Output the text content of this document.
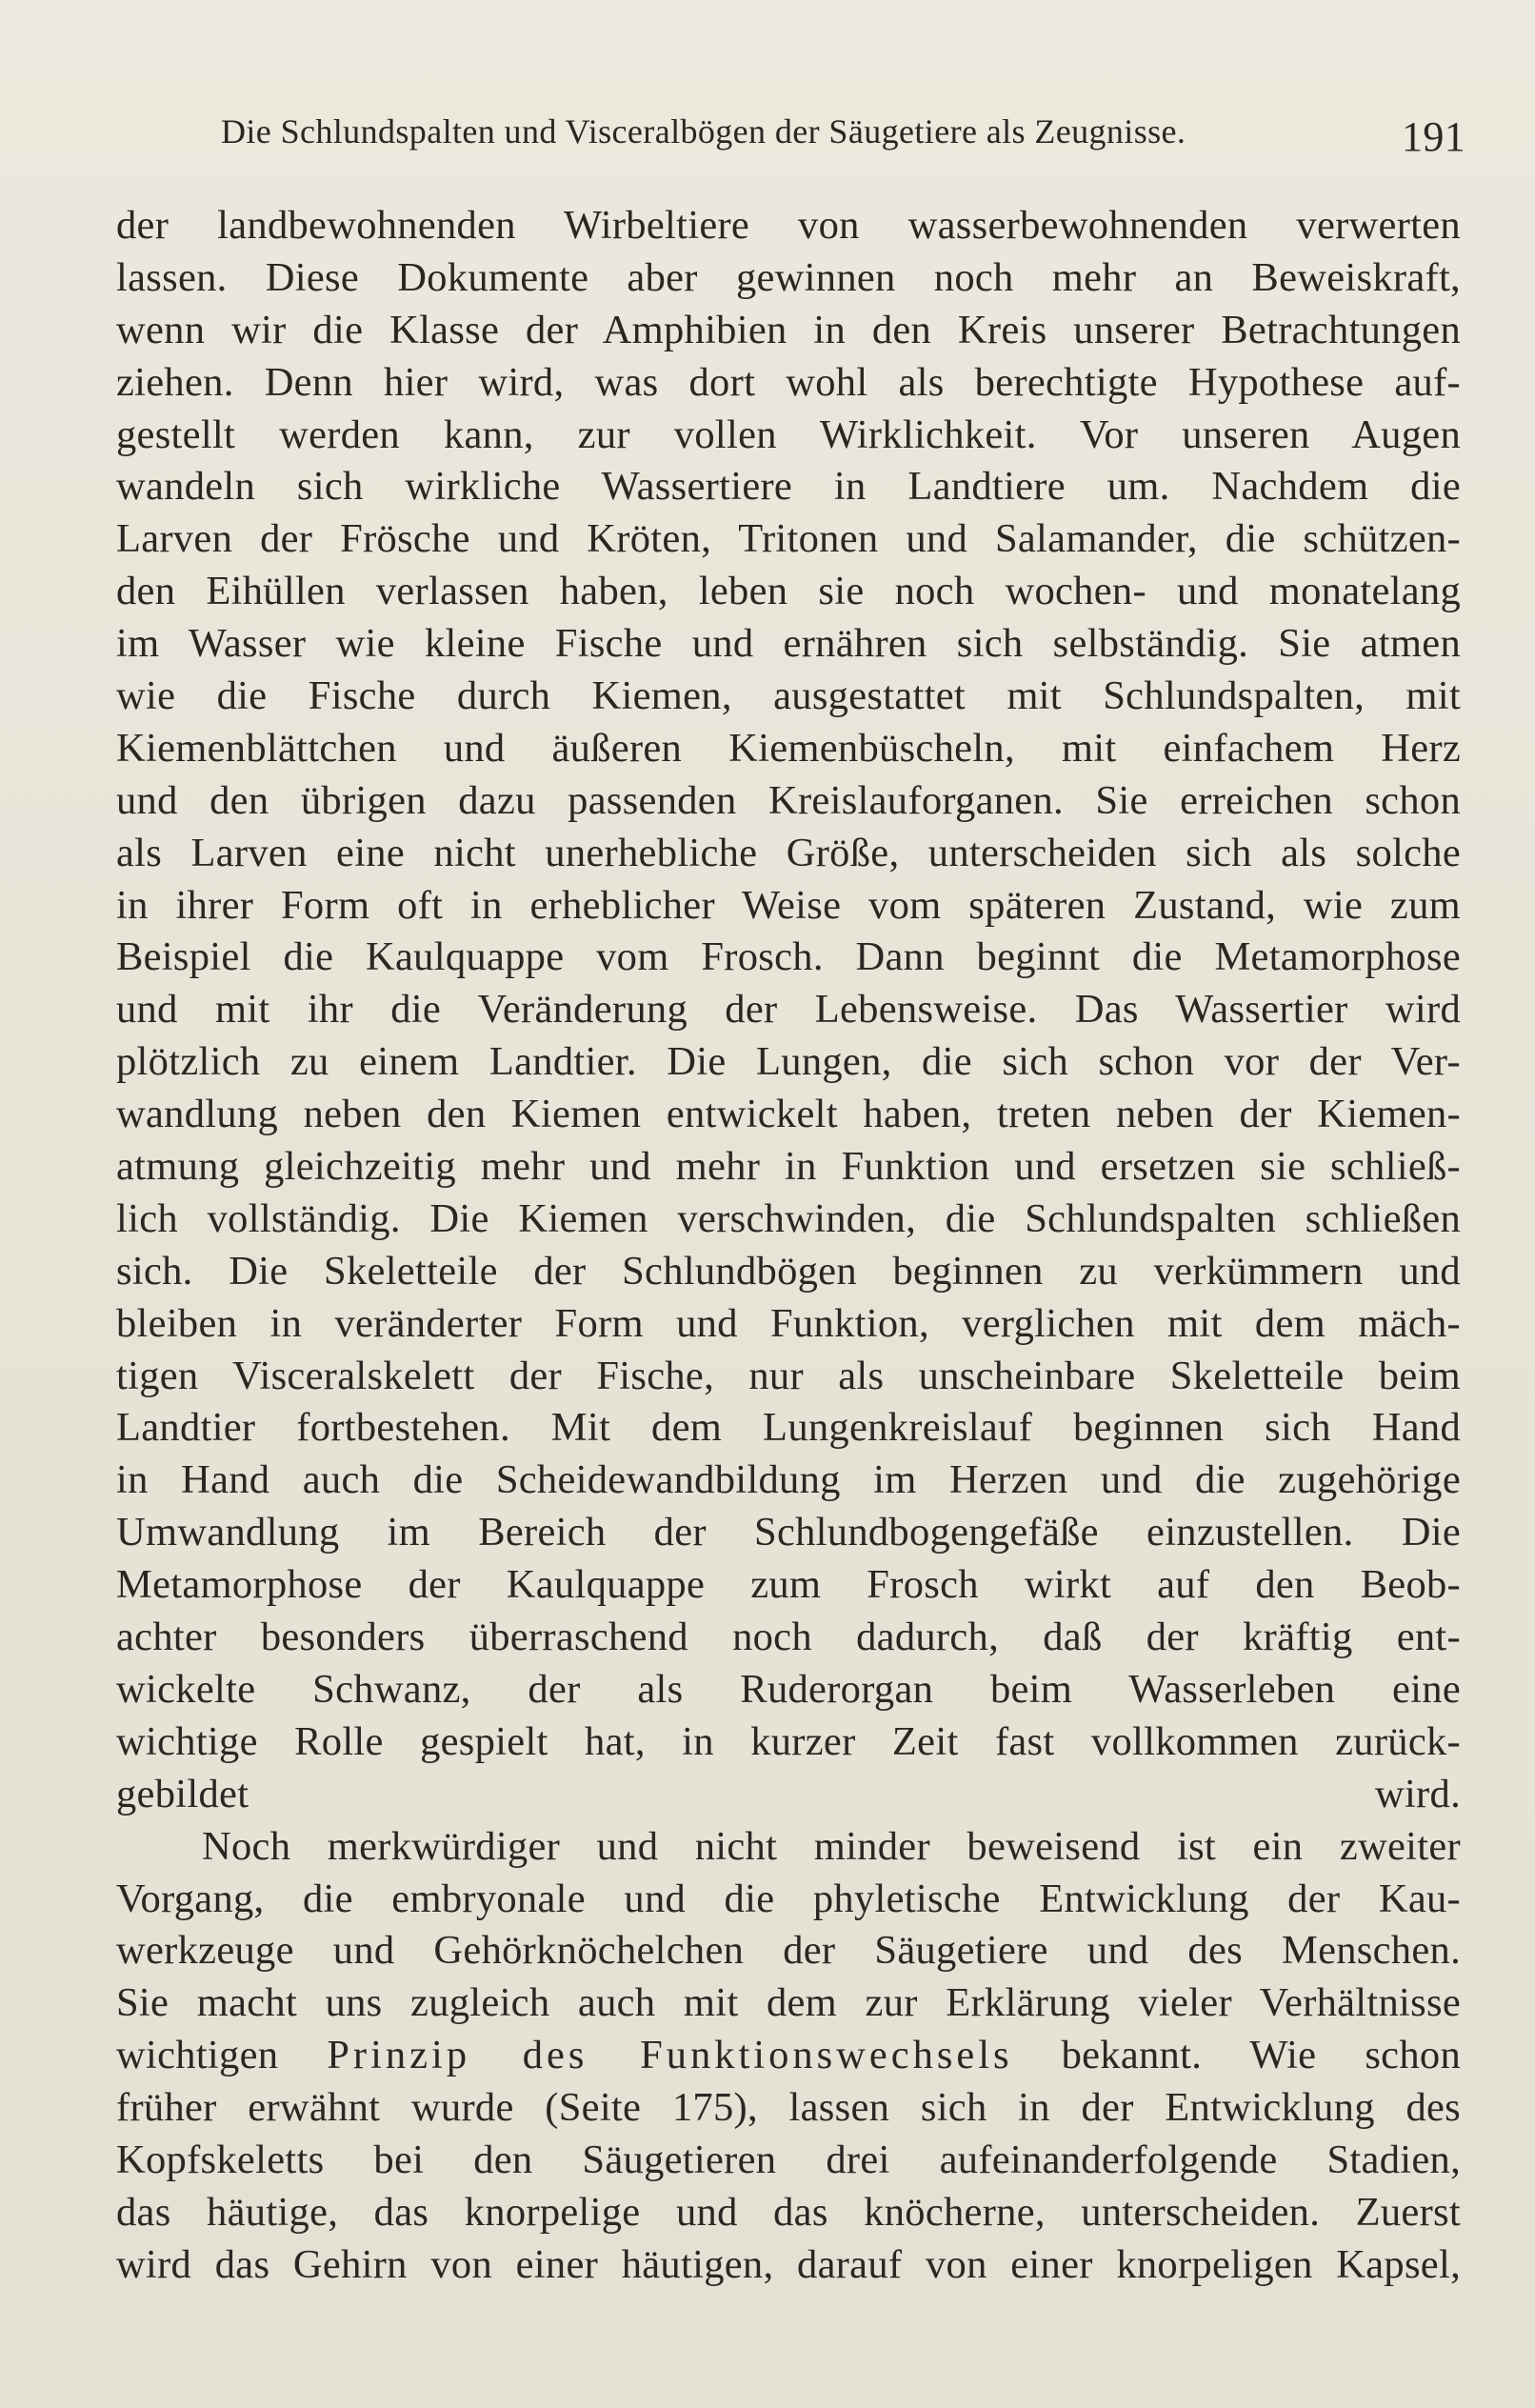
Die Schlundspalten und Visceralbögen der Säugetiere als Zeugnisse.	191
der landbewohnenden Wirbeltiere von wasserbewohnenden verwerten
lassen. Diese Dokumente aber gewinnen noch mehr an Beweiskraft,
wenn wir die Klasse der Amphibien in den Kreis unserer Betrachtungen
ziehen. Denn hier wird, was dort wohl als berechtigte Hypothese auf-
gestellt werden kann, zur vollen Wirklichkeit. Vor unseren Augen
wandeln sich wirkliche Wassertiere in Landtiere um. Nachdem die
Larven der Frösche und Kröten, Tritonen und Salamander, die schützen-
den Eihüllen verlassen haben, leben sie noch wochen- und monatelang
im Wasser wie kleine Fische und ernähren sich selbständig. Sie atmen
wie die Fische durch Kiemen, ausgestattet mit Schlundspalten, mit
Kiemenblättchen und äußeren Kiemenbüscheln, mit einfachem Herz
und den übrigen dazu passenden Kreislauforganen. Sie erreichen schon
als Larven eine nicht unerhebliche Größe, unterscheiden sich als solche
in ihrer Form oft in erheblicher Weise vom späteren Zustand, wie zum
Beispiel die Kaulquappe vom Frosch. Dann beginnt die Metamorphose
und mit ihr die Veränderung der Lebensweise. Das Wassertier wird
plötzlich zu einem Landtier. Die Lungen, die sich schon vor der Ver-
wandlung neben den Kiemen entwickelt haben, treten neben der Kiemen-
atmung gleichzeitig mehr und mehr in Funktion und ersetzen sie schließ-
lich vollständig. Die Kiemen verschwinden, die Schlundspalten schließen
sich. Die Skeletteile der Schlundbögen beginnen zu verkümmern und
bleiben in veränderter Form und Funktion, verglichen mit dem mäch-
tigen Visceralskelett der Fische, nur als unscheinbare Skeletteile beim
Landtier fortbestehen. Mit dem Lungenkreislauf beginnen sich Hand
in Hand auch die Scheidewandbildung im Herzen und die zugehörige
Umwandlung im Bereich der Schlundbogengefäße einzustellen. Die
Metamorphose der Kaulquappe zum Frosch wirkt auf den Beob-
achter besonders überraschend noch dadurch, daß der kräftig ent-
wickelte Schwanz, der als Ruderorgan beim Wasserleben eine
wichtige Rolle gespielt hat, in kurzer Zeit fast vollkommen zurück-
gebildet wird.
Noch merkwürdiger und nicht minder beweisend ist ein zweiter
Vorgang, die embryonale und die phyletische Entwicklung der Kau-
werkzeuge und Gehörknöchelchen der Säugetiere und des Menschen.
Sie macht uns zugleich auch mit dem zur Erklärung vieler Verhältnisse
wichtigen Prinzip des Funktionswechsels bekannt. Wie schon
früher erwähnt wurde (Seite 175), lassen sich in der Entwicklung des
Kopfskeletts bei den Säugetieren drei aufeinanderfolgende Stadien,
das häutige, das knorpelige und das knöcherne, unterscheiden. Zuerst
wird das Gehirn von einer häutigen, darauf von einer knorpeligen Kapsel,
